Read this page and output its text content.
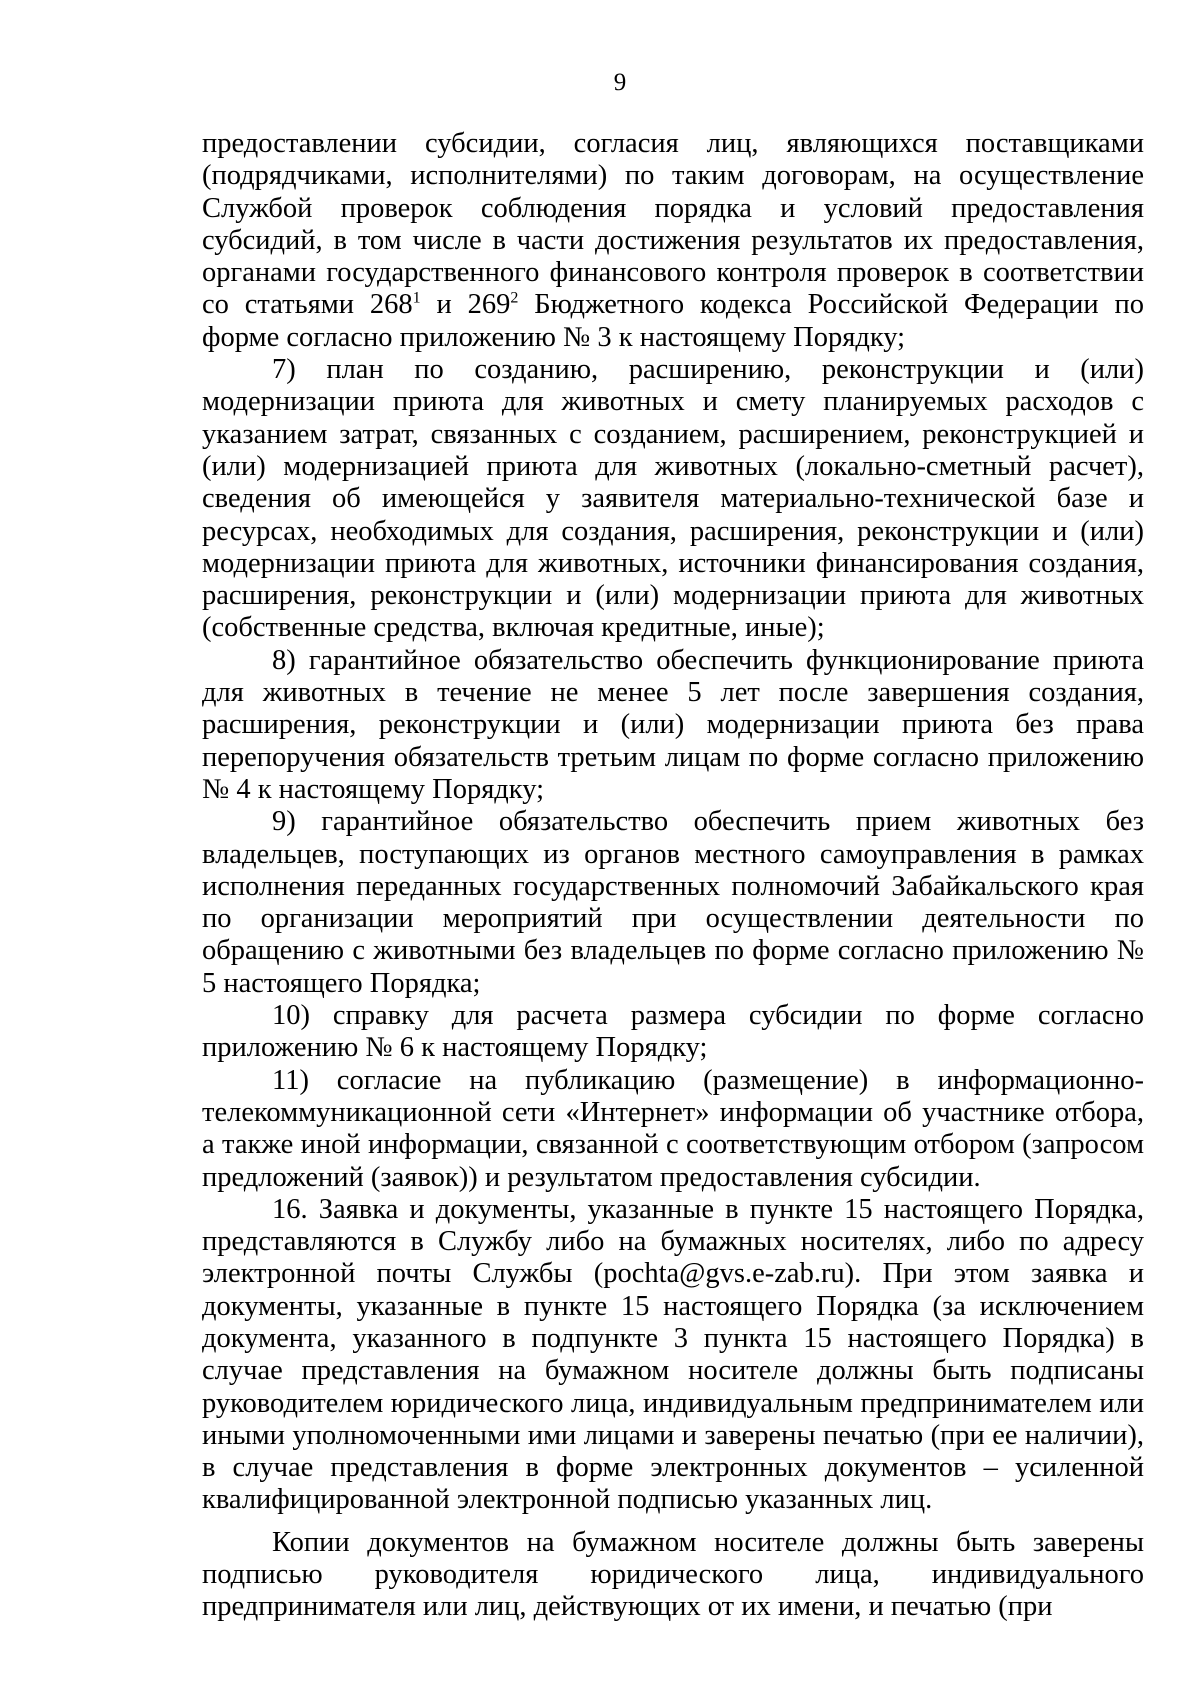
9

предоставлении субсидии, согласия лиц, являющихся поставщиками (подрядчиками, исполнителями) по таким договорам, на осуществление Службой проверок соблюдения порядка и условий предоставления субсидий, в том числе в части достижения результатов их предоставления, органами государственного финансового контроля проверок в соответствии со статьями $268^1$ и $269^2$ Бюджетного кодекса Российской Федерации по форме согласно приложению № 3 к настоящему Порядку;

7) план по созданию, расширению, реконструкции и (или) модернизации приюта для животных и смету планируемых расходов с указанием затрат, связанных с созданием, расширением, реконструкцией и (или) модернизацией приюта для животных (локально-сметный расчет), сведения об имеющейся у заявителя материально-технической базе и ресурсах, необходимых для создания, расширения, реконструкции и (или) модернизации приюта для животных, источники финансирования создания, расширения, реконструкции и (или) модернизации приюта для животных (собственные средства, включая кредитные, иные);

8) гарантийное обязательство обеспечить функционирование приюта для животных в течение не менее 5 лет после завершения создания, расширения, реконструкции и (или) модернизации приюта без права перепоручения обязательств третьим лицам по форме согласно приложению № 4 к настоящему Порядку;

9) гарантийное обязательство обеспечить прием животных без владельцев, поступающих из органов местного самоуправления в рамках исполнения переданных государственных полномочий Забайкальского края по организации мероприятий при осуществлении деятельности по обращению с животными без владельцев по форме согласно приложению № 5 настоящего Порядка;

10) справку для расчета размера субсидии по форме согласно приложению № 6 к настоящему Порядку;

11) согласие на публикацию (размещение) в информационно-телекоммуникационной сети «Интернет» информации об участнике отбора, а также иной информации, связанной с соответствующим отбором (запросом предложений (заявок)) и результатом предоставления субсидии.

16. Заявка и документы, указанные в пункте 15 настоящего Порядка, представляются в Службу либо на бумажных носителях, либо по адресу электронной почты Службы (pochta@gvs.e-zab.ru). При этом заявка и документы, указанные в пункте 15 настоящего Порядка (за исключением документа, указанного в подпункте 3 пункта 15 настоящего Порядка) в случае представления на бумажном носителе должны быть подписаны руководителем юридического лица, индивидуальным предпринимателем или иными уполномоченными ими лицами и заверены печатью (при ее наличии), в случае представления в форме электронных документов – усиленной квалифицированной электронной подписью указанных лиц.

Копии документов на бумажном носителе должны быть заверены подписью руководителя юридического лица, индивидуального предпринимателя или лиц, действующих от их имени, и печатью (при
